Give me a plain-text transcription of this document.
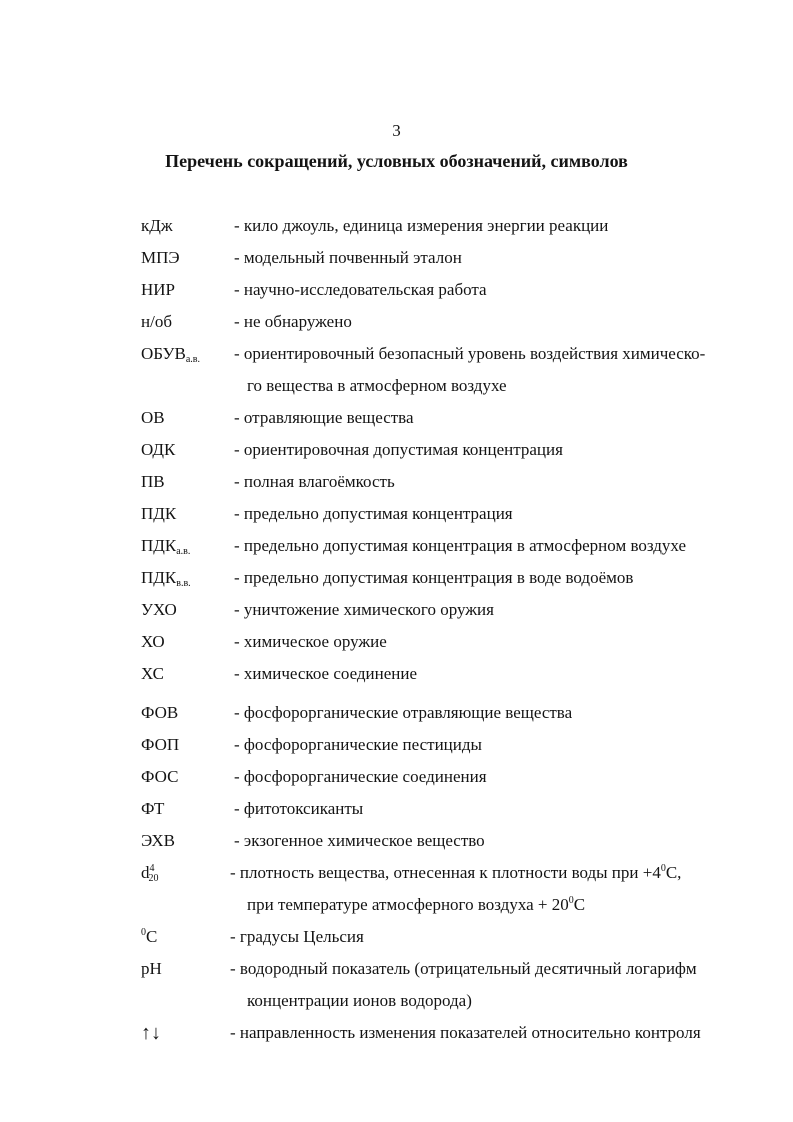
3
Перечень сокращений, условных обозначений, символов
кДж	- кило джоуль, единица измерения энергии реакции
МПЭ	- модельный почвенный эталон
НИР	- научно-исследовательская работа
н/об	- не обнаружено
$ОБУВ_{а.в.}$ - ориентировочный безопасный уровень воздействия химическо-
го вещества в атмосферном воздухе
ОВ	- отравляющие вещества
ОДК	- ориентировочная допустимая концентрация
ПВ	- полная влагоёмкость
ПДК	- предельно допустимая концентрация
$ПДК_{а.в.}$	- предельно допустимая концентрация в атмосферном воздухе
$ПДК_{в.в.}$	- предельно допустимая концентрация в воде водоёмов
УХО	- уничтожение химического оружия
ХО	- химическое оружие
ХС	- химическое соединение
ФОВ	- фосфорорганические отравляющие вещества
ФОП	- фосфорорганические пестициды
ФОС	- фосфорорганические соединения
ФТ	- фитотоксиканты
ЭХВ	- экзогенное химическое вещество
$d^4_{20}$	- плотность вещества, отнесенная к плотности воды при $+4^0С$,
при температуре атмосферного воздуха + $20^0С$
$^0$С	- градусы Цельсия
pH	- водородный показатель (отрицательный десятичный логарифм
концентрации ионов водорода)
↑↓	- направленность изменения показателей относительно контроля
